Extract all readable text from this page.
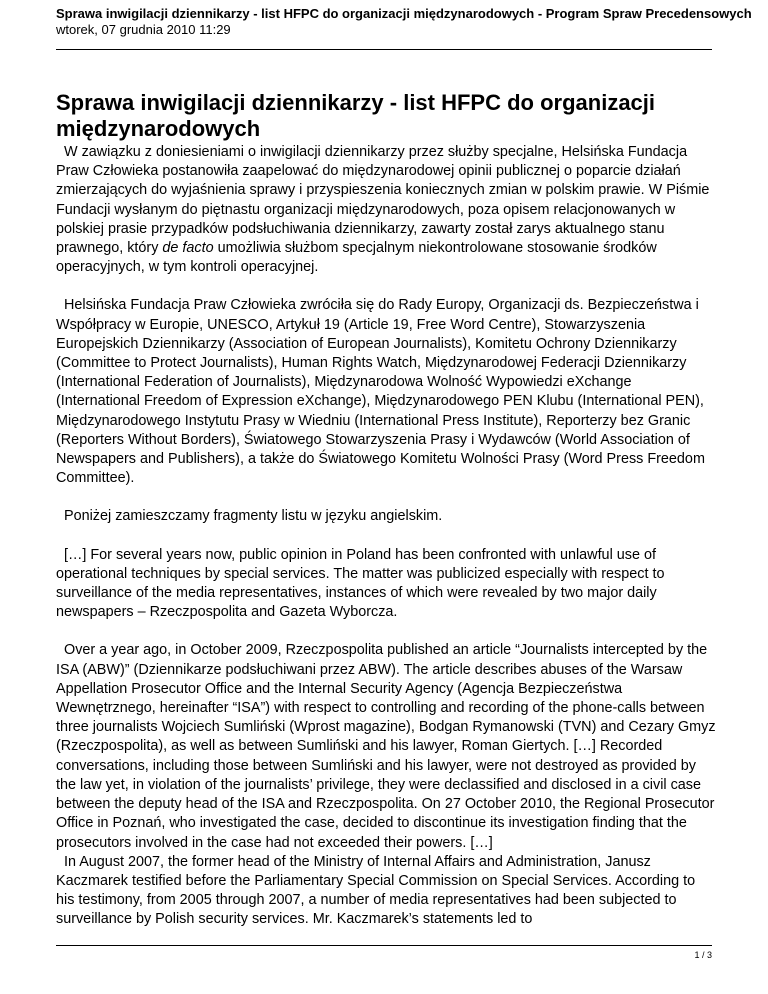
Sprawa inwigilacji dziennikarzy - list HFPC do organizacji międzynarodowych - Program Spraw Precedensowych
wtorek, 07 grudnia 2010 11:29
Sprawa inwigilacji dziennikarzy - list HFPC do organizacji międzynarodowych

W zawiązku z doniesieniami o inwigilacji dziennikarzy przez służby specjalne, Helsińska Fundacja Praw Człowieka postanowiła zaapelować do międzynarodowej opinii publicznej o poparcie działań zmierzających do wyjaśnienia sprawy i przyspieszenia koniecznych zmian w polskim prawie. W Piśmie Fundacji wysłanym do piętnastu organizacji międzynarodowych, poza opisem relacjonowanych w polskiej prasie przypadków podsłuchiwania dziennikarzy, zawarty został zarys aktualnego stanu prawnego, który de facto umożliwia służbom specjalnym niekontrolowane stosowanie środków operacyjnych, w tym kontroli operacyjnej.

Helsińska Fundacja Praw Człowieka zwróciła się do Rady Europy, Organizacji ds. Bezpieczeństwa i Współpracy w Europie, UNESCO, Artykuł 19 (Article 19, Free Word Centre), Stowarzyszenia Europejskich Dziennikarzy (Association of European Journalists), Komitetu Ochrony Dziennikarzy (Committee to Protect Journalists), Human Rights Watch, Międzynarodowej Federacji Dziennikarzy (International Federation of Journalists), Międzynarodowa Wolność Wypowiedzi eXchange (International Freedom of Expression eXchange), Międzynarodowego PEN Klubu (International PEN), Międzynarodowego Instytutu Prasy w Wiedniu (International Press Institute), Reporterzy bez Granic (Reporters Without Borders), Światowego Stowarzyszenia Prasy i Wydawców (World Association of Newspapers and Publishers), a także do Światowego Komitetu Wolności Prasy (Word Press Freedom Committee).

Poniżej zamieszczamy fragmenty listu w języku angielskim.

[…] For several years now, public opinion in Poland has been confronted with unlawful use of operational techniques by special services. The matter was publicized especially with respect to surveillance of the media representatives, instances of which were revealed by two major daily newspapers – Rzeczpospolita and Gazeta Wyborcza.

Over a year ago, in October 2009, Rzeczpospolita published an article “Journalists intercepted by the ISA (ABW)” (Dziennikarze podsłuchiwani przez ABW). The article describes abuses of the Warsaw Appellation Prosecutor Office and the Internal Security Agency (Agencja Bezpieczeństwa Wewnętrznego, hereinafter “ISA”) with respect to controlling and recording of the phone-calls between three journalists Wojciech Sumliński (Wprost magazine), Bodgan Rymanowski (TVN) and Cezary Gmyz (Rzeczpospolita), as well as between Sumliński and his lawyer, Roman Giertych. […] Recorded conversations, including those between Sumliński and his lawyer, were not destroyed as provided by the law yet, in violation of the journalists’ privilege, they were declassified and disclosed in a civil case between the deputy head of the ISA and Rzeczpospolita. On 27 October 2010, the Regional Prosecutor Office in Poznań, who investigated the case, decided to discontinue its investigation finding that the prosecutors involved in the case had not exceeded their powers. […]

In August 2007, the former head of the Ministry of Internal Affairs and Administration, Janusz Kaczmarek testified before the Parliamentary Special Commission on Special Services. According to his testimony, from 2005 through 2007, a number of media representatives had been subjected to surveillance by Polish security services. Mr. Kaczmarek’s statements led to

1 / 3
